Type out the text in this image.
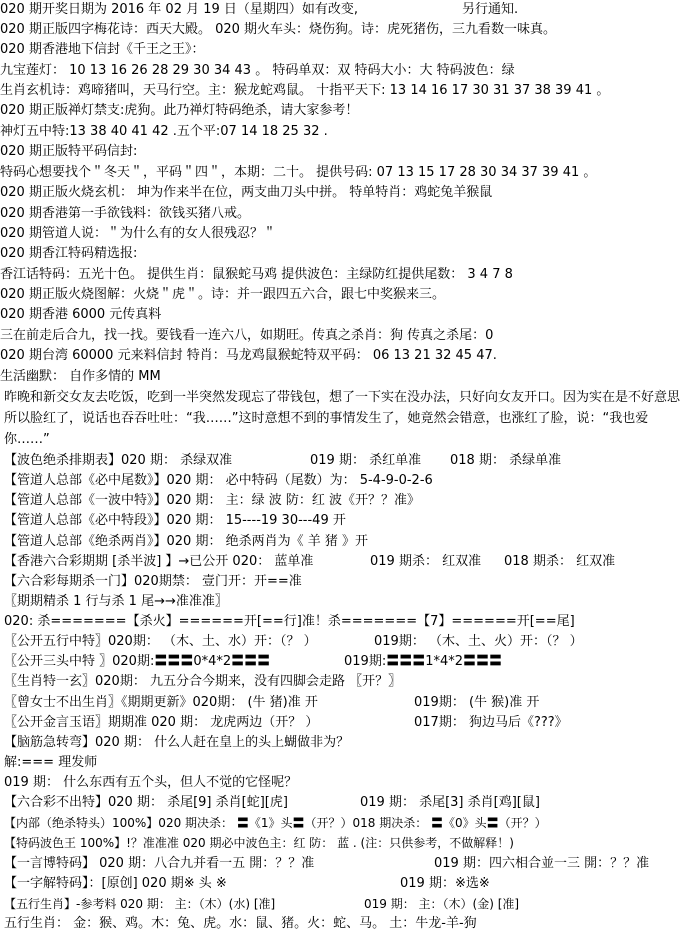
020 期开奖日期为 2016 年 02 月 19 日（星期四）如有改变,	另行通知.
020 期正版四字梅花诗：西天大殿。 020 期火车头：烧伤狗。诗：虎死猪伤，三九看数一味真。
020 期香港地下信封《千王之王》：
九宝莲灯： 10 13 16 26 28 29 30 34 43 。 特码单双：双 特码大小：大 特码波色：绿
生肖玄机诗：鸡啼猪叫，天马行空。主：猴龙蛇鸡鼠。 十指平天下: 13 14 16 17 30 31 37 38 39 41 。
020 期正版禅灯禁支:虎狗。此乃禅灯特码绝杀，请大家参考！
神灯五中特:13 38 40 41 42 .五个平:07 14 18 25 32 .
020 期正版特平码信封:
特码心想要找个＂冬天＂，平码＂四＂，本期：二十。 提供号码: 07 13 15 17 28 30 34 37 39 41 。
020 期正版火烧玄机： 坤为作来半在位，两支曲刀头中拼。 特单特肖：鸡蛇兔羊猴鼠
020 期香港第一手欲钱料：欲钱买猪八戒。
020 期管道人说：＂为什么有的女人很残忍？＂
020 期香江特码精选报:
香江话特码：五光十色。 提供生肖：鼠猴蛇马鸡 提供波色：主绿防红提供尾数： 3 4 7 8
020 期正版火烧图解：火烧＂虎＂。诗：并一跟四五六合，跟七中奖猴来三。
020 期香港 6000 元传真料
三在前走后合九，找一找。要钱看一连六八，如期旺。传真之杀肖：狗 传真之杀尾：0
020 期台湾 60000 元来料信封 特肖：马龙鸡鼠猴蛇特双平码： 06 13 21 32 45 47.
生活幽默： 自作多情的 MM
昨晚和新交女友去吃饭，吃到一半突然发现忘了带钱包，想了一下实在没办法，只好向女友开口。因为实在是不好意思所以脸红了，说话也吞吞吐吐：“我……”这时意想不到的事情发生了，她竟然会错意，也涨红了脸，说：“我也爱你……”
【波色绝杀排期表】020 期： 杀绿双准	019 期： 杀红单准 018 期： 杀绿单准
【管道人总部《必中尾数》】020 期： 必中特码（尾数）为： 5-4-9-0-2-6
【管道人总部《一波中特》】020 期： 主：绿 波 防：红 波《开？？准》
【管道人总部《必中特段》】020 期： 15----19 30---49 开
【管道人总部《绝杀两肖》】020 期： 绝杀两肖为《 羊 猪 》开
【香港六合彩期期 [杀半波] 】→已公开 020： 蓝单准	019 期杀： 红双准 018 期杀： 红双准
【六合彩每期杀一门】020期禁： 壹门开：开==准
〖期期精杀 1 行与杀 1 尾→→准准准〗
020: 杀=======【杀火】======开[==行]准！杀=======【7】======开[==尾]
〖公开五行中特〗020期： （木、土、水）开：（？ ）	019期： （木、土、火）开：（？ ）
〖公开三头中特 〗020期:〓〓〓0*4*2〓〓〓	019期:〓〓〓1*4*2〓〓〓
〖生肖特一玄〗020期： 九五分合今期来，没有四脚会走路 〖开？〗
〖曾女士不出生肖〗《期期更新》020期： (牛 猪)准 开	019期： (牛 猴)准 开
〖公开金言玉语〗期期准 020 期： 龙虎两边（开？ ）	017期： 狗边马后《???》
【脑筋急转弯】020 期： 什么人赶在皇上的头上蝴做非为？
解:=== 理发师
019 期： 什么东西有五个头，但人不觉的它怪呢？
【六合彩不出特】020 期： 杀尾[9] 杀肖[蛇][虎]	019 期： 杀尾[3] 杀肖[鸡][鼠]
【内部（绝杀特头）100%】020 期决杀： 〓《1》头〓（开？）018 期决杀： 〓《0》头〓（开？）
【特码波色王 100%】!？准准准 020 期必中波色主：红 防： 蓝 . (注：只供参考，不做解释！)
【一言博特码】 020 期：八合九并看一五 開：？？准	019 期：四六相合並一三 開：？？准
【一字解特码】：[原创] 020 期※ 头 ※	019 期：※选※
【五行生肖】-参考料 020 期： 主：（木）(水) [准]	019 期： 主：（木）(金) [准]
五行生肖： 金：猴、鸡。木：兔、虎。水：鼠、猪。火：蛇、马。 土：牛龙-羊-狗
